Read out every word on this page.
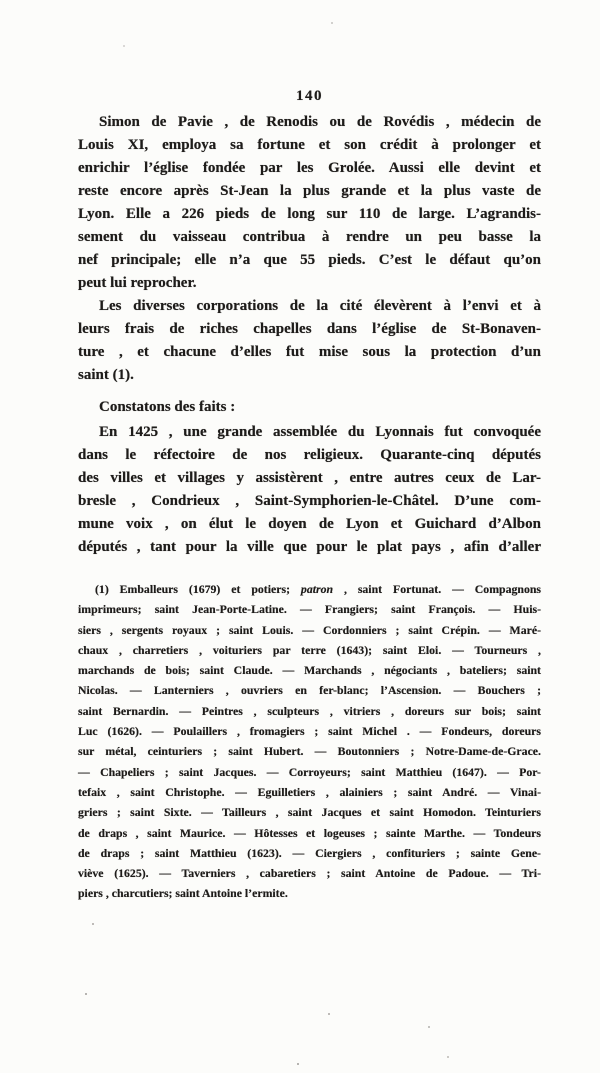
140
Simon de Pavie , de Renodis ou de Rovédis , médecin de
Louis XI, employa sa fortune et son crédit à prolonger et
enrichir l’église fondée par les Grolée. Aussi elle devint et
reste encore après St-Jean la plus grande et la plus vaste de
Lyon. Elle a 226 pieds de long sur 110 de large. L’agrandis-
sement du vaisseau contribua à rendre un peu basse la
nef principale; elle n’a que 55 pieds. C’est le défaut qu’on
peut lui reprocher.
Les diverses corporations de la cité élevèrent à l’envi et à
leurs frais de riches chapelles dans l’église de St-Bonaven-
ture , et chacune d’elles fut mise sous la protection d’un
saint (1).
Constatons des faits :
En 1425 , une grande assemblée du Lyonnais fut convoquée
dans le réfectoire de nos religieux. Quarante-cinq députés
des villes et villages y assistèrent , entre autres ceux de Lar-
bresle , Condrieux , Saint-Symphorien-le-Châtel. D’une com-
mune voix , on élut le doyen de Lyon et Guichard d’Albon
députés , tant pour la ville que pour le plat pays , afin d’aller
(1) Emballeurs (1679) et potiers; patron , saint Fortunat. — Compagnons
imprimeurs; saint Jean-Porte-Latine. — Frangiers; saint François. — Huis-
siers , sergents royaux ; saint Louis. — Cordonniers ; saint Crépin. — Maré-
chaux , charretiers , voituriers par terre (1643); saint Eloi. — Tourneurs ,
marchands de bois; saint Claude. — Marchands , négociants , bateliers; saint
Nicolas. — Lanterniers , ouvriers en fer-blanc; l’Ascension. — Bouchers ;
saint Bernardin. — Peintres , sculpteurs , vitriers , doreurs sur bois; saint
Luc (1626). — Poulaillers , fromagiers ; saint Michel . — Fondeurs, doreurs
sur métal, ceinturiers ; saint Hubert. — Boutonniers ; Notre-Dame-de-Grace.
— Chapeliers ; saint Jacques. — Corroyeurs; saint Matthieu (1647). — Por-
tefaix , saint Christophe. — Eguilletiers , alainiers ; saint André. — Vinai-
griers ; saint Sixte. — Tailleurs , saint Jacques et saint Homodon. Teinturiers
de draps , saint Maurice. — Hôtesses et logeuses ; sainte Marthe. — Tondeurs
de draps ; saint Matthieu (1623). — Ciergiers , confituriers ; sainte Gene-
viève (1625). — Taverniers , cabaretiers ; saint Antoine de Padoue. — Tri-
piers , charcutiers; saint Antoine l’ermite.
